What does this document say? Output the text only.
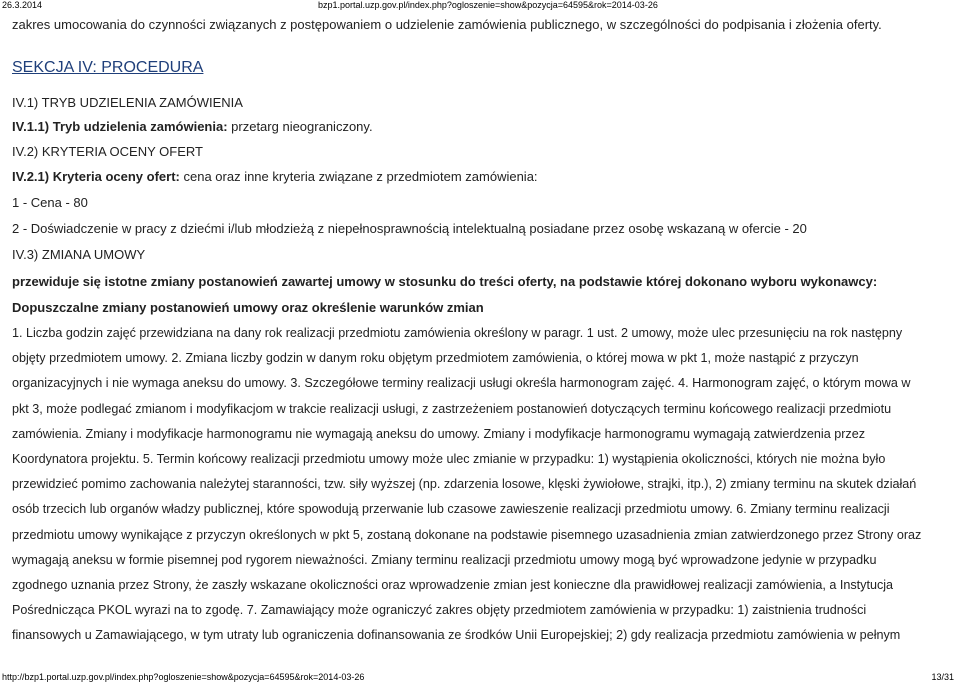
26.3.2014	bzp1.portal.uzp.gov.pl/index.php?ogloszenie=show&pozycja=64595&rok=2014-03-26
zakres umocowania do czynności związanych z postępowaniem o udzielenie zamówienia publicznego, w szczególności do podpisania i złożenia oferty.
SEKCJA IV: PROCEDURA
IV.1) TRYB UDZIELENIA ZAMÓWIENIA
IV.1.1) Tryb udzielenia zamówienia: przetarg nieograniczony.
IV.2) KRYTERIA OCENY OFERT
IV.2.1) Kryteria oceny ofert: cena oraz inne kryteria związane z przedmiotem zamówienia:
1 - Cena - 80
2 - Doświadczenie w pracy z dziećmi i/lub młodzieżą z niepełnosprawnością intelektualną posiadane przez osobę wskazaną w ofercie - 20
IV.3) ZMIANA UMOWY
przewiduje się istotne zmiany postanowień zawartej umowy w stosunku do treści oferty, na podstawie której dokonano wyboru wykonawcy:
Dopuszczalne zmiany postanowień umowy oraz określenie warunków zmian
1. Liczba godzin zajęć przewidziana na dany rok realizacji przedmiotu zamówienia określony w paragr. 1 ust. 2 umowy, może ulec przesunięciu na rok następny
objęty przedmiotem umowy. 2. Zmiana liczby godzin w danym roku objętym przedmiotem zamówienia, o której mowa w pkt 1, może nastąpić z przyczyn
organizacyjnych i nie wymaga aneksu do umowy. 3. Szczegółowe terminy realizacji usługi określa harmonogram zajęć. 4. Harmonogram zajęć, o którym mowa w
pkt 3, może podlegać zmianom i modyfikacjom w trakcie realizacji usługi, z zastrzeżeniem postanowień dotyczących terminu końcowego realizacji przedmiotu
zamówienia. Zmiany i modyfikacje harmonogramu nie wymagają aneksu do umowy. Zmiany i modyfikacje harmonogramu wymagają zatwierdzenia przez
Koordynatora projektu. 5. Termin końcowy realizacji przedmiotu umowy może ulec zmianie w przypadku: 1) wystąpienia okoliczności, których nie można było
przewidzieć pomimo zachowania należytej staranności, tzw. siły wyższej (np. zdarzenia losowe, klęski żywiołowe, strajki, itp.), 2) zmiany terminu na skutek działań
osób trzecich lub organów władzy publicznej, które spowodują przerwanie lub czasowe zawieszenie realizacji przedmiotu umowy. 6. Zmiany terminu realizacji
przedmiotu umowy wynikające z przyczyn określonych w pkt 5, zostaną dokonane na podstawie pisemnego uzasadnienia zmian zatwierdzonego przez Strony oraz
wymagają aneksu w formie pisemnej pod rygorem nieważności. Zmiany terminu realizacji przedmiotu umowy mogą być wprowadzone jedynie w przypadku
zgodnego uznania przez Strony, że zaszły wskazane okoliczności oraz wprowadzenie zmian jest konieczne dla prawidłowej realizacji zamówienia, a Instytucja
Pośrednicząca PKOL wyrazi na to zgodę. 7. Zamawiający może ograniczyć zakres objęty przedmiotem zamówienia w przypadku: 1) zaistnienia trudności
finansowych u Zamawiającego, w tym utraty lub ograniczenia dofinansowania ze środków Unii Europejskiej; 2) gdy realizacja przedmiotu zamówienia w pełnym
http://bzp1.portal.uzp.gov.pl/index.php?ogloszenie=show&pozycja=64595&rok=2014-03-26	13/31
